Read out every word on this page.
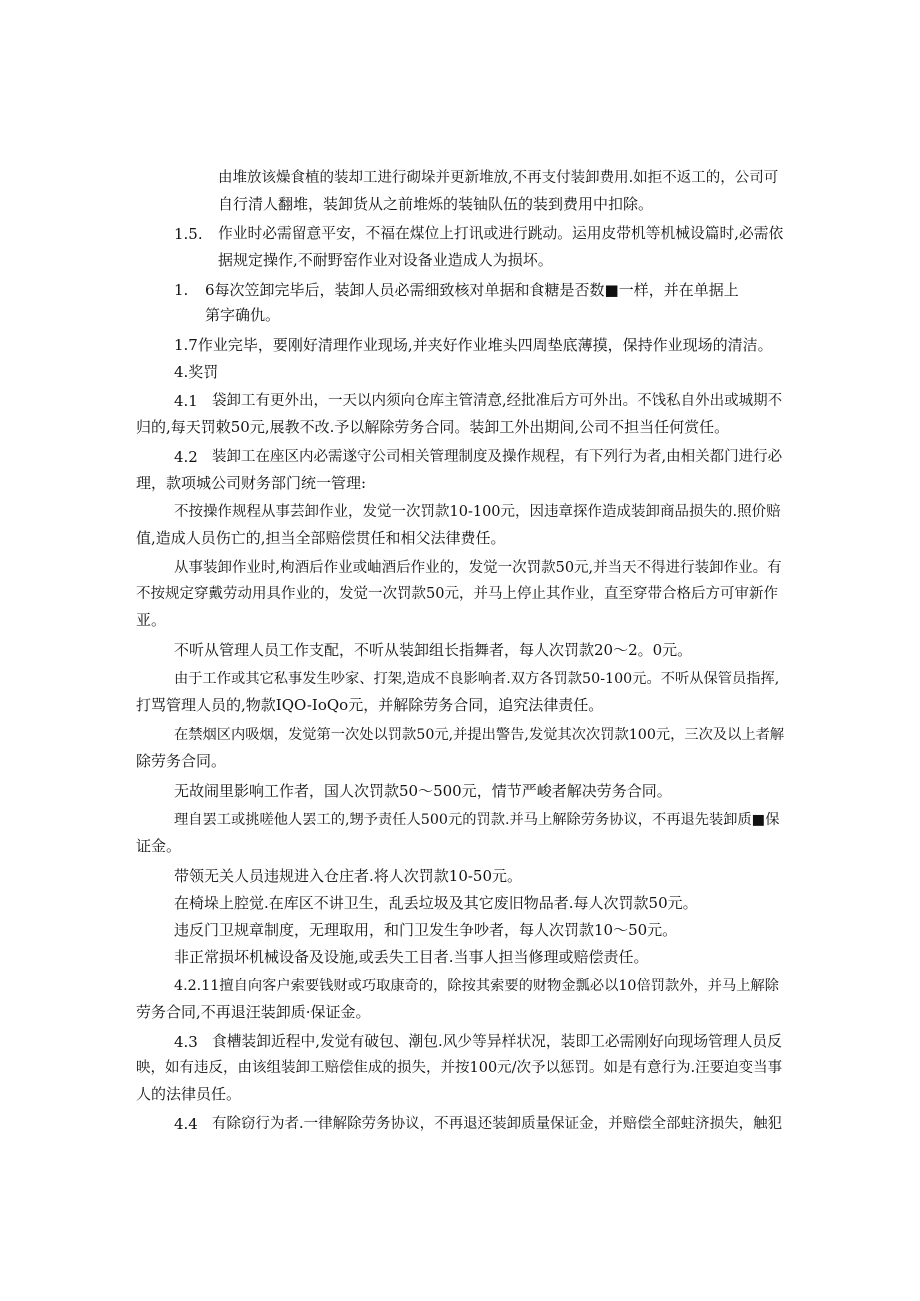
由堆放该燥食植的装却工进行砌垛并更新堆放,不再支付装卸费用.如拒不返工的，公司可
自行清人翻堆，装卸货从之前堆烁的装铀队伍的装到费用中扣除。
1.5. 作业时必需留意平安，不福在煤位上打讯或进行跳动。运用皮带机等机械设篇时,必需依
据规定操作,不耐野窑作业对设备业造成人为损坏。
1. 6每次笠卸完毕后，装卸人员必需细致核对单据和食糖是否数■一样，并在单据上
第字确仇。
1.7作业完毕，要刚好清理作业现场,并夹好作业堆头四周垫底薄摸，保持作业现场的清洁。
4.奖罚
4.1 袋卸工有更外出，一天以内须向仓库主管清意,经批准后方可外出。不饯私自外出或城期不
归的,每天罚敕50元,展教不改.予以解除劳务合同。装卸工外出期间,公司不担当任何赏任。
4.2 装卸工在座区内必需遂守公司相关管理制度及操作规程，有下列行为者,由相关都门进行必
理，款项城公司财务部门统一管理:
不按操作规程从事芸卸作业，发觉一次罚款10-100元，因违章探作造成装卸商品损失的.照价赔
值,造成人员伤亡的,担当全部赔偿贯任和相父法律费任。
从事装卸作业时,枸酒后作业或岫酒后作业的，发觉一次罚款50元,并当天不得进行装卸作业。有
不按规定穿戴劳动用具作业的，发觉一次罚款50元，并马上停止其作业，直至穿带合格后方可审新作
亚。
不听从管理人员工作支配，不听从装卸组长指舞者，每人次罚款20～2。0元。
由于工作或其它私事发生吵家、打架,造成不良影响者.双方各罚款50-100元。不听从保管员指挥,
打骂管理人员的,物款IQO-IoQo元，并解除劳务合同，追究法律责任。
在禁烟区内吸烟，发觉第一次处以罚款50元,并提出警告,发觉其次次罚款100元，三次及以上者解
除劳务合同。
无故闹里影响工作者，国人次罚款50～500元，情节严峻者解决劳务合同。
理自罢工或挑嗟他人罢工的,甥予责任人500元的罚款.并马上解除劳务协议，不再退先装卸质■保
证金。
带领无关人员违规进入仓庄者.将人次罚款10-50元。
在椅垛上腔觉.在库区不讲卫生，乱丢垃圾及其它废旧物品者.每人次罚款50元。
违反门卫规章制度，无理取用，和门卫发生争吵者，每人次罚款10～50元。
非正常损坏机械设备及设施,或丢失工目者.当事人担当修理或赔偿责任。
4.2.11擅自向客户索要钱财或巧取康奇的，除按其索要的财物金瓢必以10倍罚款外，并马上解除
劳务合同,不再退汪装卸质·保证金。
4.3 食槽装卸近程中,发觉有破包、潮包.风少等异样状况，装即工必需刚好向现场管理人员反
映，如有违反，由该组装卸工赔偿隹成的损失，并按100元/次予以惩罚。如是有意行为.汪要迫变当事
人的法律员任。
4.4 有除窃行为者.一律解除劳务协议，不再退还装卸质量保证金，并赔偿全部蛀济损失，触犯
